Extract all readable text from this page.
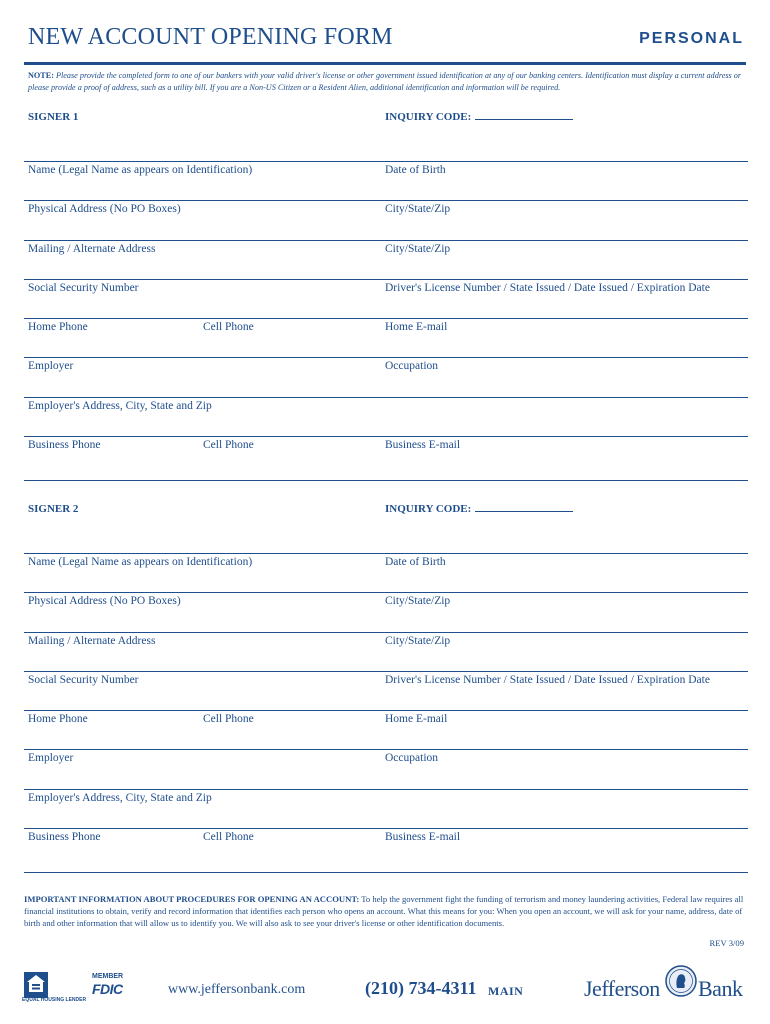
NEW ACCOUNT OPENING FORM	PERSONAL
NOTE: Please provide the completed form to one of our bankers with your valid driver's license or other government issued identification at any of our banking centers. Identification must display a current address or please provide a proof of address, such as a utility bill. If you are a Non-US Citizen or a Resident Alien, additional identification and information will be required.
SIGNER 1	INQUIRY CODE:
Name (Legal Name as appears on Identification)	Date of Birth
Physical Address (No PO Boxes)	City/State/Zip
Mailing / Alternate Address	City/State/Zip
Social Security Number	Driver's License Number / State Issued / Date Issued / Expiration Date
Home Phone	Cell Phone	Home E-mail
Employer	Occupation
Employer's Address, City, State and Zip
Business Phone	Cell Phone	Business E-mail
SIGNER 2	INQUIRY CODE:
Name (Legal Name as appears on Identification)	Date of Birth
Physical Address (No PO Boxes)	City/State/Zip
Mailing / Alternate Address	City/State/Zip
Social Security Number	Driver's License Number / State Issued / Date Issued / Expiration Date
Home Phone	Cell Phone	Home E-mail
Employer	Occupation
Employer's Address, City, State and Zip
Business Phone	Cell Phone	Business E-mail
IMPORTANT INFORMATION ABOUT PROCEDURES FOR OPENING AN ACCOUNT: To help the government fight the funding of terrorism and money laundering activities, Federal law requires all financial institutions to obtain, verify and record information that identifies each person who opens an account. What this means for you: When you open an account, we will ask for your name, address, date of birth and other information that will allow us to identify you. We will also ask to see your driver's license or other identification documents.
REV 3/09
EQUAL HOUSING LENDER
MEMBER
FDIC	www.jeffersonbank.com	(210) 734-4311 MAIN	Jefferson Bank
